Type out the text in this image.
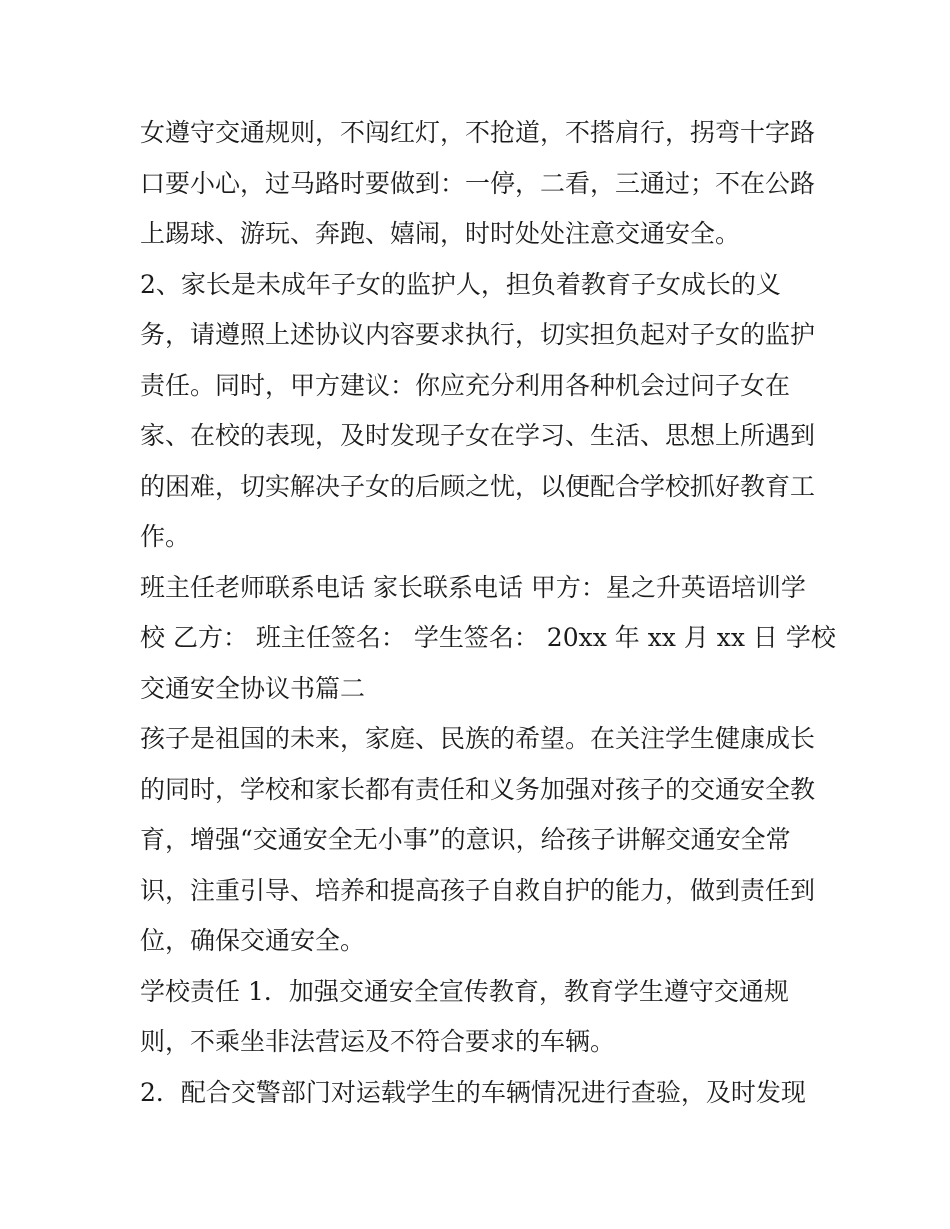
女遵守交通规则，不闯红灯，不抢道，不搭肩行，拐弯十字路
口要小心，过马路时要做到：一停，二看，三通过；不在公路
上踢球、游玩、奔跑、嬉闹，时时处处注意交通安全。
2、家长是未成年子女的监护人，担负着教育子女成长的义
务，请遵照上述协议内容要求执行，切实担负起对子女的监护
责任。同时，甲方建议：你应充分利用各种机会过问子女在
家、在校的表现，及时发现子女在学习、生活、思想上所遇到
的困难，切实解决子女的后顾之忧，以便配合学校抓好教育工
作。
班主任老师联系电话 家长联系电话 甲方：星之升英语培训学
校 乙方： 班主任签名： 学生签名： 20xx 年 xx 月 xx 日 学校
交通安全协议书篇二
孩子是祖国的未来，家庭、民族的希望。在关注学生健康成长
的同时，学校和家长都有责任和义务加强对孩子的交通安全教
育，增强“交通安全无小事”的意识，给孩子讲解交通安全常
识，注重引导、培养和提高孩子自救自护的能力，做到责任到
位，确保交通安全。
学校责任 1．加强交通安全宣传教育，教育学生遵守交通规
则，不乘坐非法营运及不符合要求的车辆。
2．配合交警部门对运载学生的车辆情况进行查验，及时发现
